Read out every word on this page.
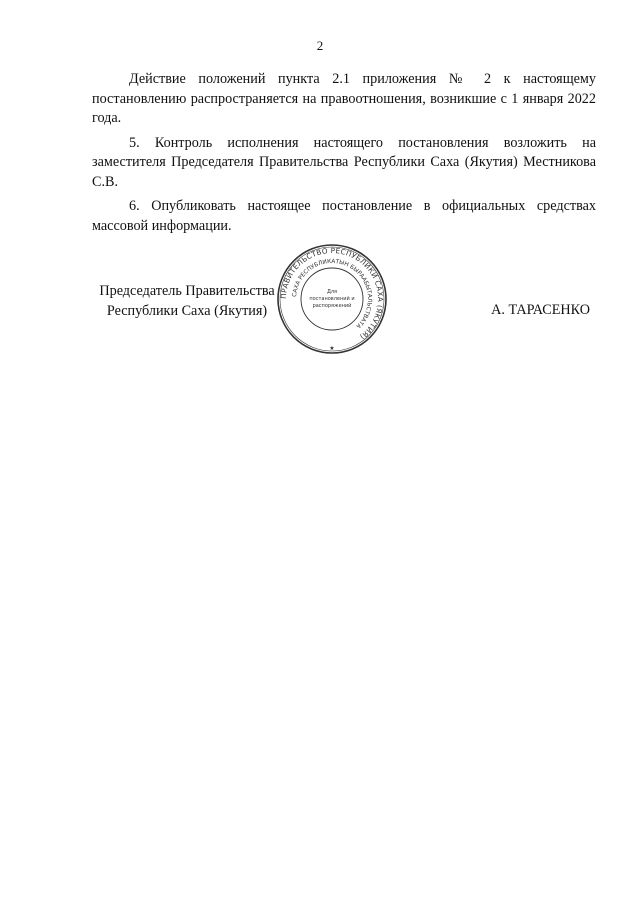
2

Действие положений пункта 2.1 приложения № 2 к настоящему постановлению распространяется на правоотношения, возникшие с 1 января 2022 года.

5. Контроль исполнения настоящего постановления возложить на заместителя Председателя Правительства Республики Саха (Якутия) Местникова С.В.

6. Опубликовать настоящее постановление в официальных средствах массовой информации.

Председатель Правительства
Республики Саха (Якутия)	А. ТАРАСЕНКО
ПРАВИТЕЛЬСТВО РЕСПУБЛИКИ САХА (ЯКУТИЯ)
САХА РЕСПУБЛИКАТЫН БЫРААБЫТАЛЬСТВАТА
Для
постановлений и
распоряжений
★
